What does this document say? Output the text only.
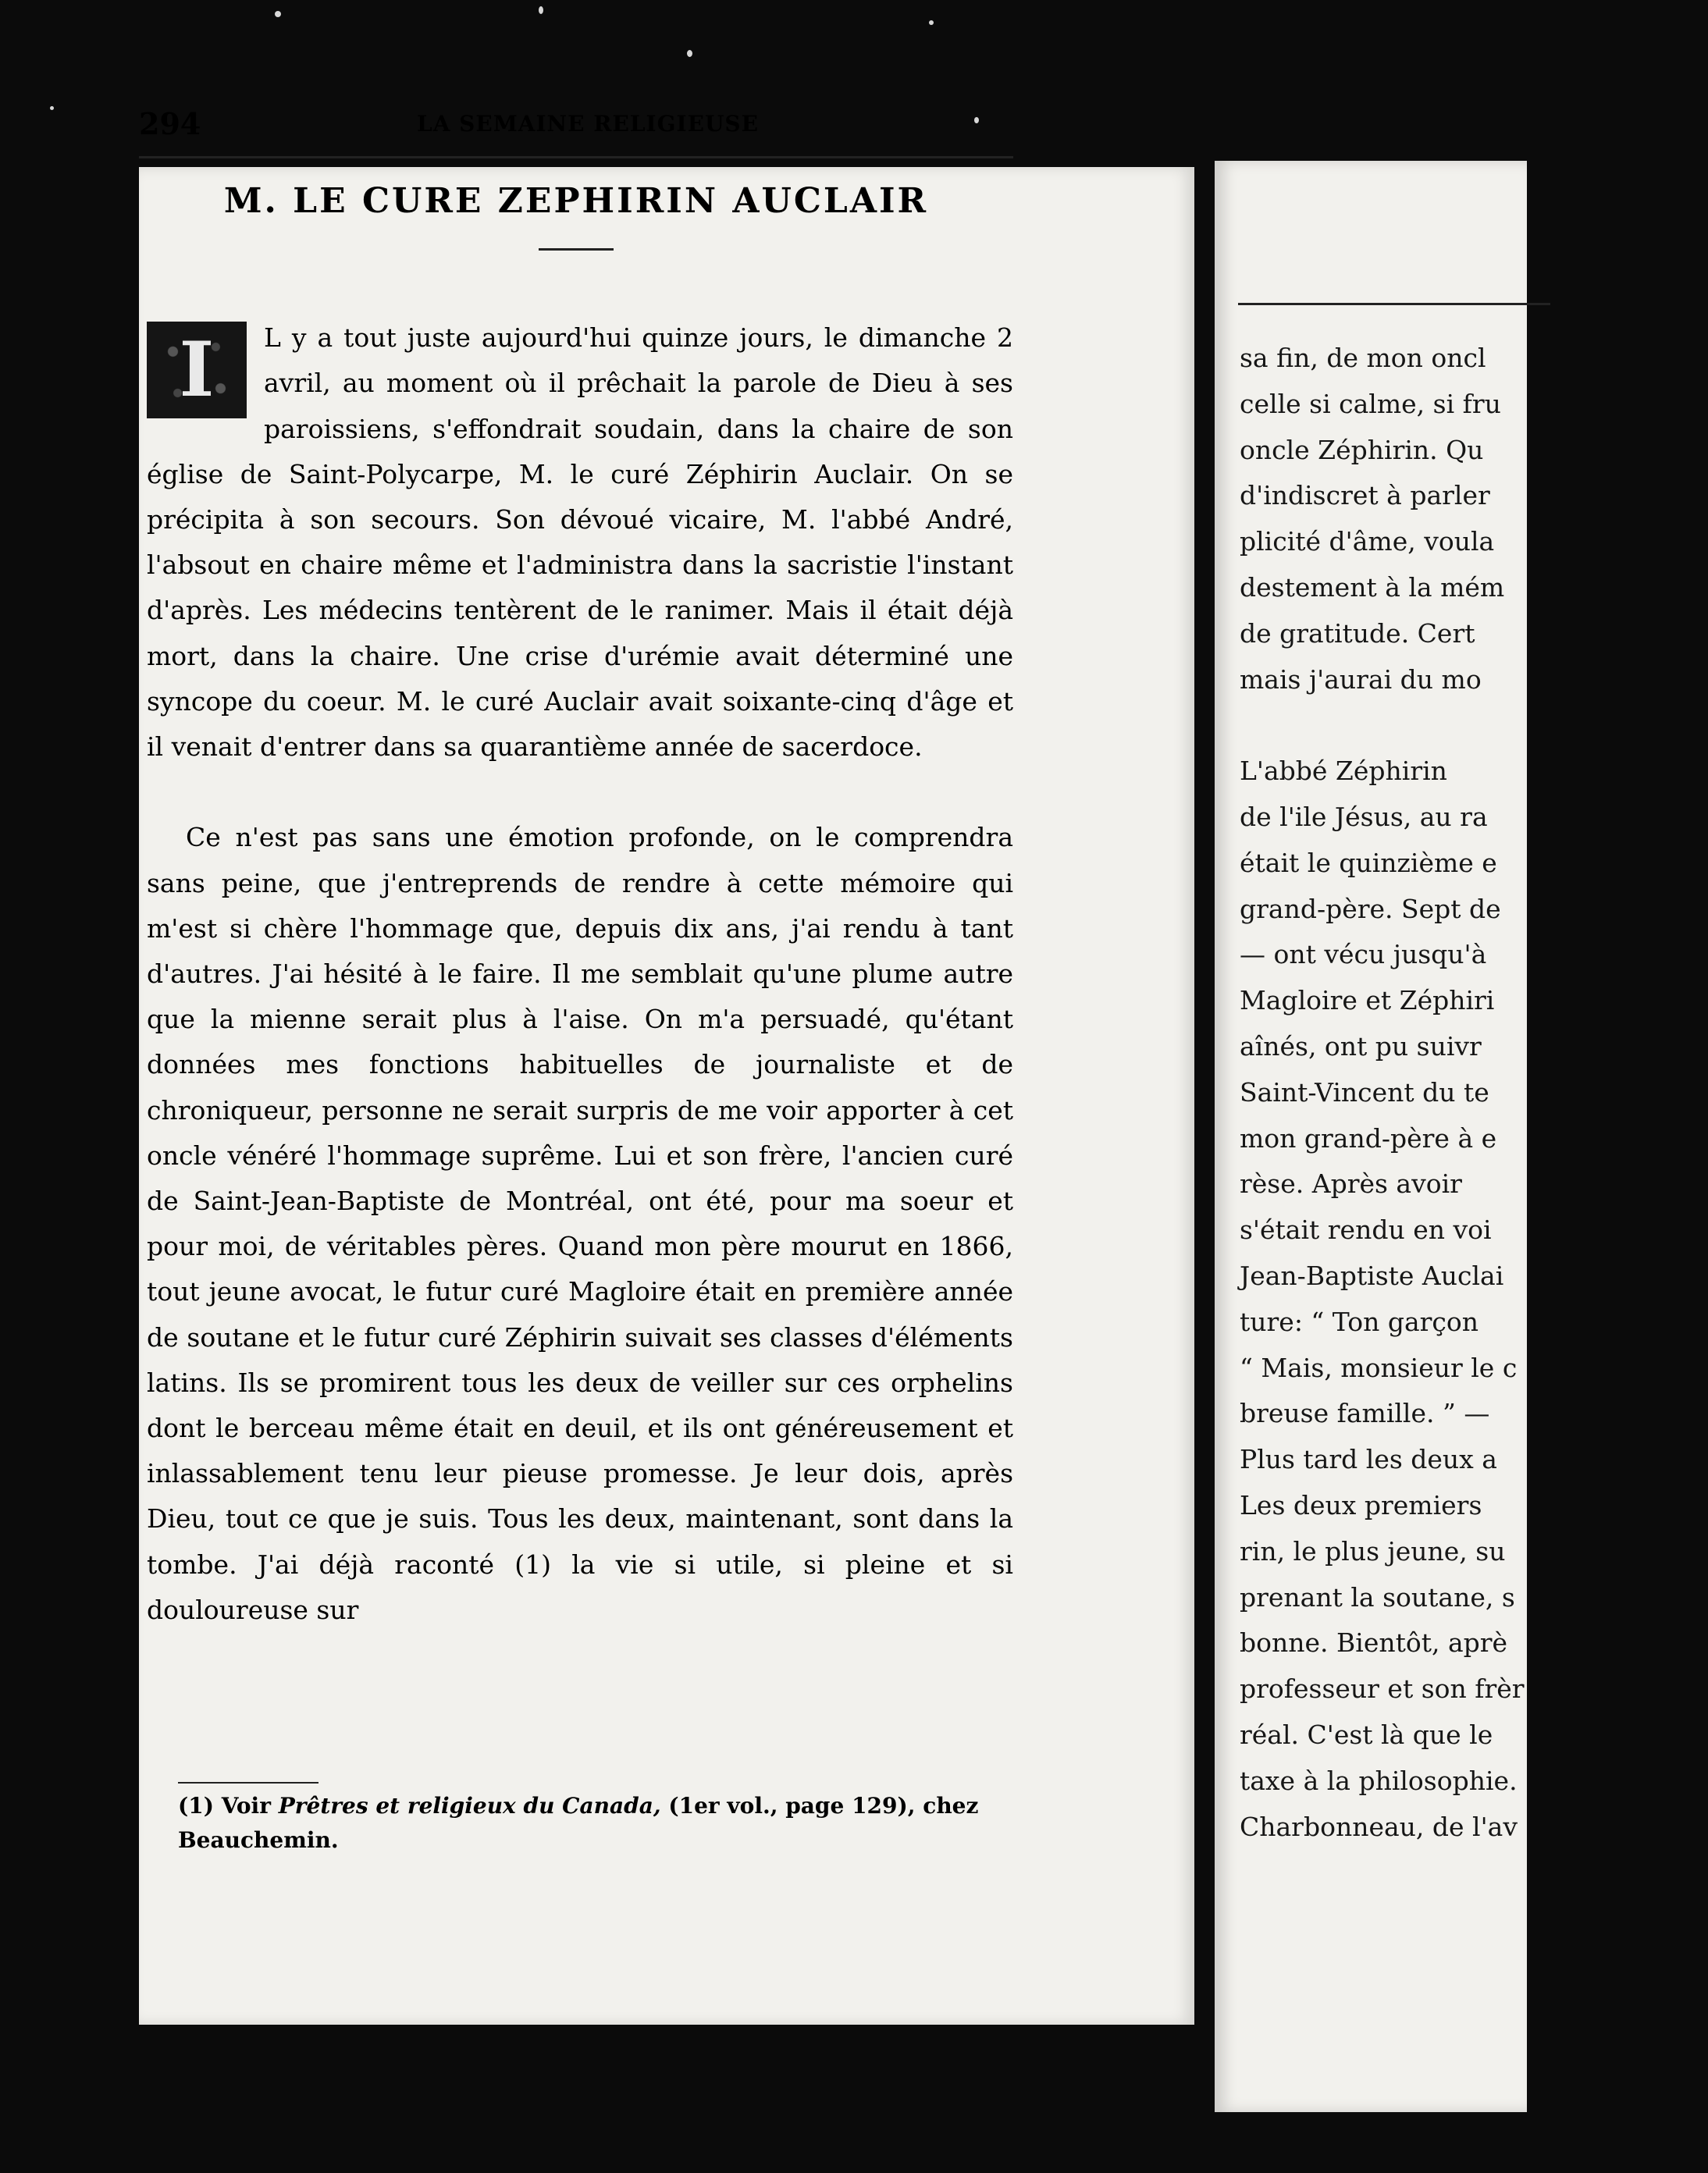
294	LA SEMAINE RELIGIEUSE
M. LE CURE ZEPHIRIN AUCLAIR

I	L y a tout juste aujourd'hui quinze jours, le dimanche 2 avril, au moment où il prêchait la parole de Dieu à ses paroissiens, s'effondrait soudain, dans la chaire de son église de Saint-Polycarpe, M. le curé Zéphirin Auclair. On se précipita à son secours. Son dévoué vicaire, M. l'abbé André, l'absout en chaire même et l'administra dans la sacristie l'instant d'après. Les médecins tentèrent de le ranimer. Mais il était déjà mort, dans la chaire. Une crise d'urémie avait déterminé une syncope du coeur. M. le curé Auclair avait soixante-cinq d'âge et il venait d'entrer dans sa quarantième année de sacerdoce.

Ce n'est pas sans une émotion profonde, on le comprendra sans peine, que j'entreprends de rendre à cette mémoire qui m'est si chère l'hommage que, depuis dix ans, j'ai rendu à tant d'autres. J'ai hésité à le faire. Il me semblait qu'une plume autre que la mienne serait plus à l'aise. On m'a persuadé, qu'étant données mes fonctions habituelles de journaliste et de chroniqueur, personne ne serait surpris de me voir apporter à cet oncle vénéré l'hommage suprême. Lui et son frère, l'ancien curé de Saint-Jean-Baptiste de Montréal, ont été, pour ma soeur et pour moi, de véritables pères. Quand mon père mourut en 1866, tout jeune avocat, le futur curé Magloire était en première année de soutane et le futur curé Zéphirin suivait ses classes d'éléments latins. Ils se promirent tous les deux de veiller sur ces orphelins dont le berceau même était en deuil, et ils ont généreusement et inlassablement tenu leur pieuse promesse. Je leur dois, après Dieu, tout ce que je suis. Tous les deux, maintenant, sont dans la tombe. J'ai déjà raconté (1) la vie si utile, si pleine et si douloureuse sur

(1) Voir Prêtres et religieux du Canada, (1er vol., page 129), chez Beauchemin.
sa fin, de mon oncl
celle si calme, si fru
oncle Zéphirin. Qu
d'indiscret à parler
plicité d'âme, voula
destement à la mém
de gratitude. Cert
mais j'aurai du mo
L'abbé Zéphirin
de l'ile Jésus, au ra
était le quinzième e
grand-père. Sept de
— ont vécu jusqu'à
Magloire et Zéphiri
aînés, ont pu suivr
Saint-Vincent du te
mon grand-père à e
rèse. Après avoir
s'était rendu en voi
Jean-Baptiste Auclai
ture: “ Ton garçon
“ Mais, monsieur le c
breuse famille. ” —
Plus tard les deux a
Les deux premiers
rin, le plus jeune, su
prenant la soutane, s
bonne. Bientôt, aprè
professeur et son frèr
réal. C'est là que le
taxe à la philosophie.
Charbonneau, de l'av
